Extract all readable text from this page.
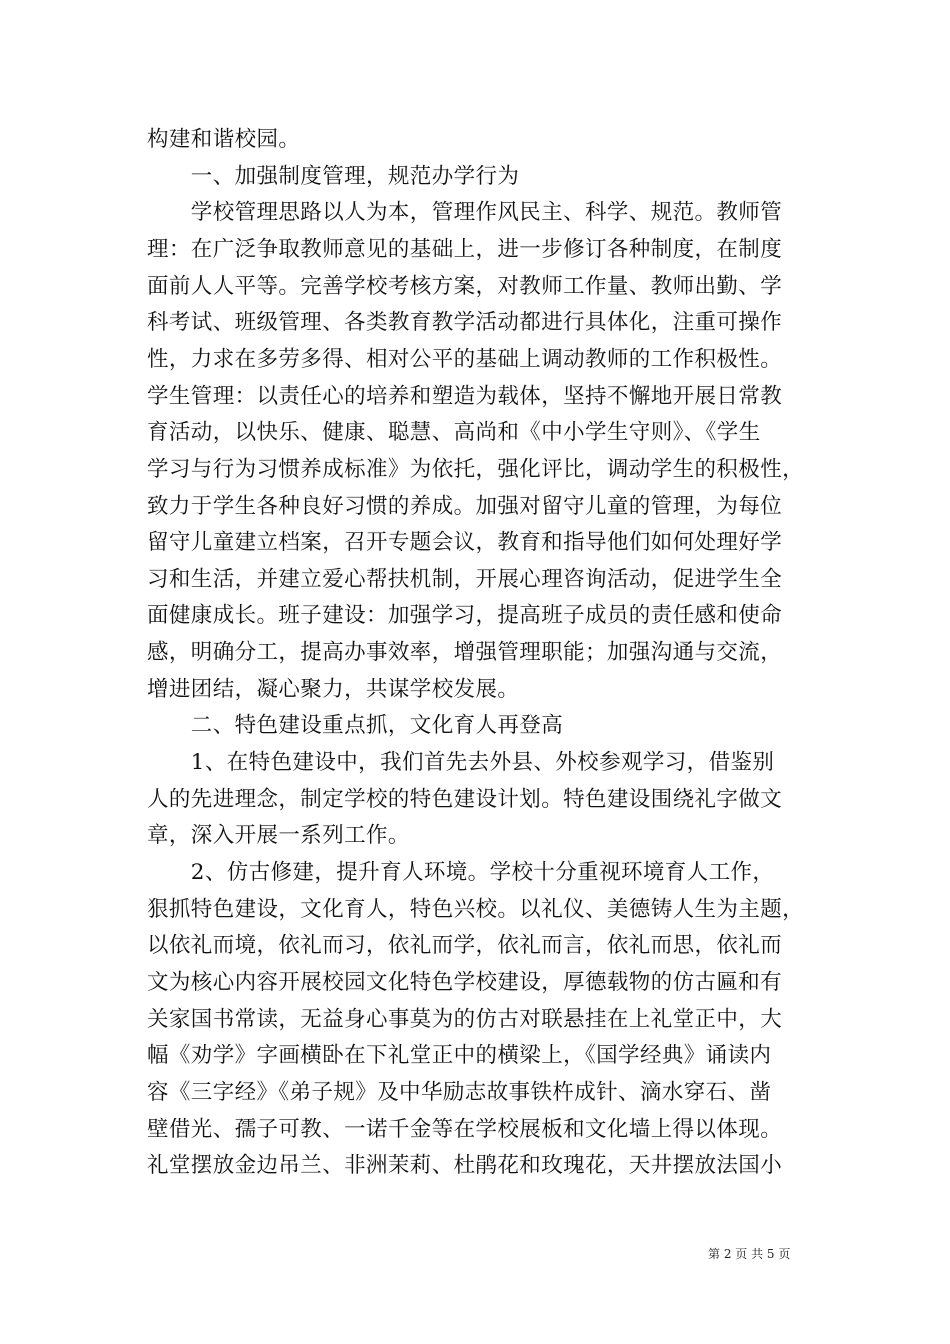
构建和谐校园。
　　一、加强制度管理，规范办学行为
　　学校管理思路以人为本，管理作风民主、科学、规范。教师管
理：在广泛争取教师意见的基础上，进一步修订各种制度，在制度
面前人人平等。完善学校考核方案，对教师工作量、教师出勤、学
科考试、班级管理、各类教育教学活动都进行具体化，注重可操作
性，力求在多劳多得、相对公平的基础上调动教师的工作积极性。
学生管理：以责任心的培养和塑造为载体，坚持不懈地开展日常教
育活动，以快乐、健康、聪慧、高尚和《中小学生守则》、《学生
学习与行为习惯养成标准》为依托，强化评比，调动学生的积极性，
致力于学生各种良好习惯的养成。加强对留守儿童的管理，为每位
留守儿童建立档案，召开专题会议，教育和指导他们如何处理好学
习和生活，并建立爱心帮扶机制，开展心理咨询活动，促进学生全
面健康成长。班子建设：加强学习，提高班子成员的责任感和使命
感，明确分工，提高办事效率，增强管理职能；加强沟通与交流，
增进团结，凝心聚力，共谋学校发展。
　　二、特色建设重点抓，文化育人再登高
　　1、在特色建设中，我们首先去外县、外校参观学习，借鉴别
人的先进理念，制定学校的特色建设计划。特色建设围绕礼字做文
章，深入开展一系列工作。
　　2、仿古修建，提升育人环境。学校十分重视环境育人工作，
狠抓特色建设，文化育人，特色兴校。以礼仪、美德铸人生为主题，
以依礼而境，依礼而习，依礼而学，依礼而言，依礼而思，依礼而
文为核心内容开展校园文化特色学校建设，厚德载物的仿古匾和有
关家国书常读，无益身心事莫为的仿古对联悬挂在上礼堂正中，大
幅《劝学》字画横卧在下礼堂正中的横梁上，《国学经典》诵读内
容《三字经》《弟子规》及中华励志故事铁杵成针、滴水穿石、凿
壁借光、孺子可教、一诺千金等在学校展板和文化墙上得以体现。
礼堂摆放金边吊兰、非洲茉莉、杜鹃花和玫瑰花，天井摆放法国小
第 2 页 共 5 页
